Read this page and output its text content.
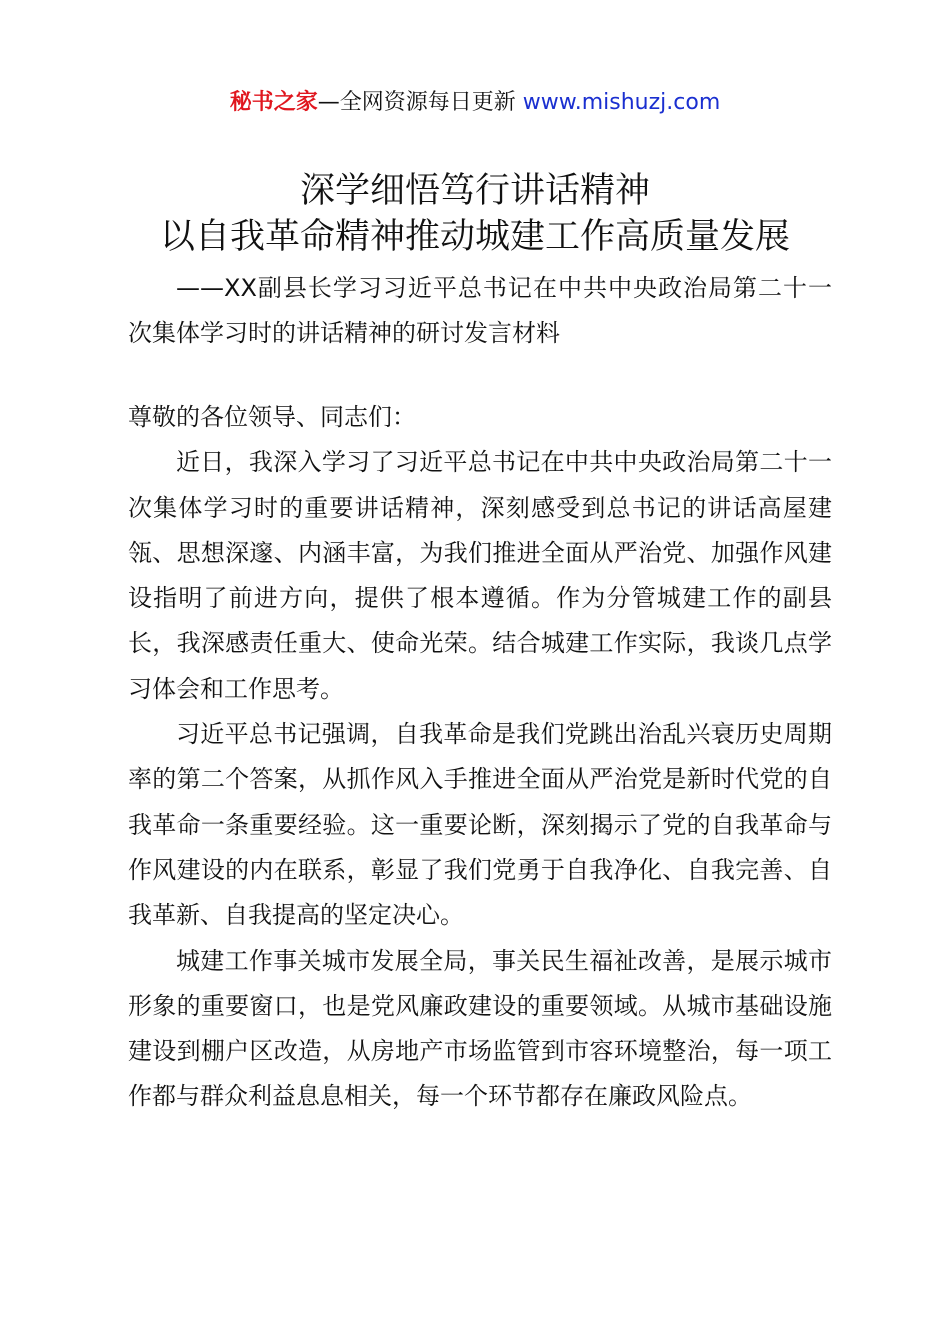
秘书之家—全网资源每日更新 www.mishuzj.com
深学细悟笃行讲话精神
以自我革命精神推动城建工作高质量发展
——XX副县长学习习近平总书记在中共中央政治局第二十一次集体学习时的讲话精神的研讨发言材料

尊敬的各位领导、同志们：

近日，我深入学习了习近平总书记在中共中央政治局第二十一次集体学习时的重要讲话精神，深刻感受到总书记的讲话高屋建瓴、思想深邃、内涵丰富，为我们推进全面从严治党、加强作风建设指明了前进方向，提供了根本遵循。作为分管城建工作的副县长，我深感责任重大、使命光荣。结合城建工作实际，我谈几点学习体会和工作思考。

习近平总书记强调，自我革命是我们党跳出治乱兴衰历史周期率的第二个答案，从抓作风入手推进全面从严治党是新时代党的自我革命一条重要经验。这一重要论断，深刻揭示了党的自我革命与作风建设的内在联系，彰显了我们党勇于自我净化、自我完善、自我革新、自我提高的坚定决心。

城建工作事关城市发展全局，事关民生福祉改善，是展示城市形象的重要窗口，也是党风廉政建设的重要领域。从城市基础设施建设到棚户区改造，从房地产市场监管到市容环境整治，每一项工作都与群众利益息息相关，每一个环节都存在廉政风险点。
